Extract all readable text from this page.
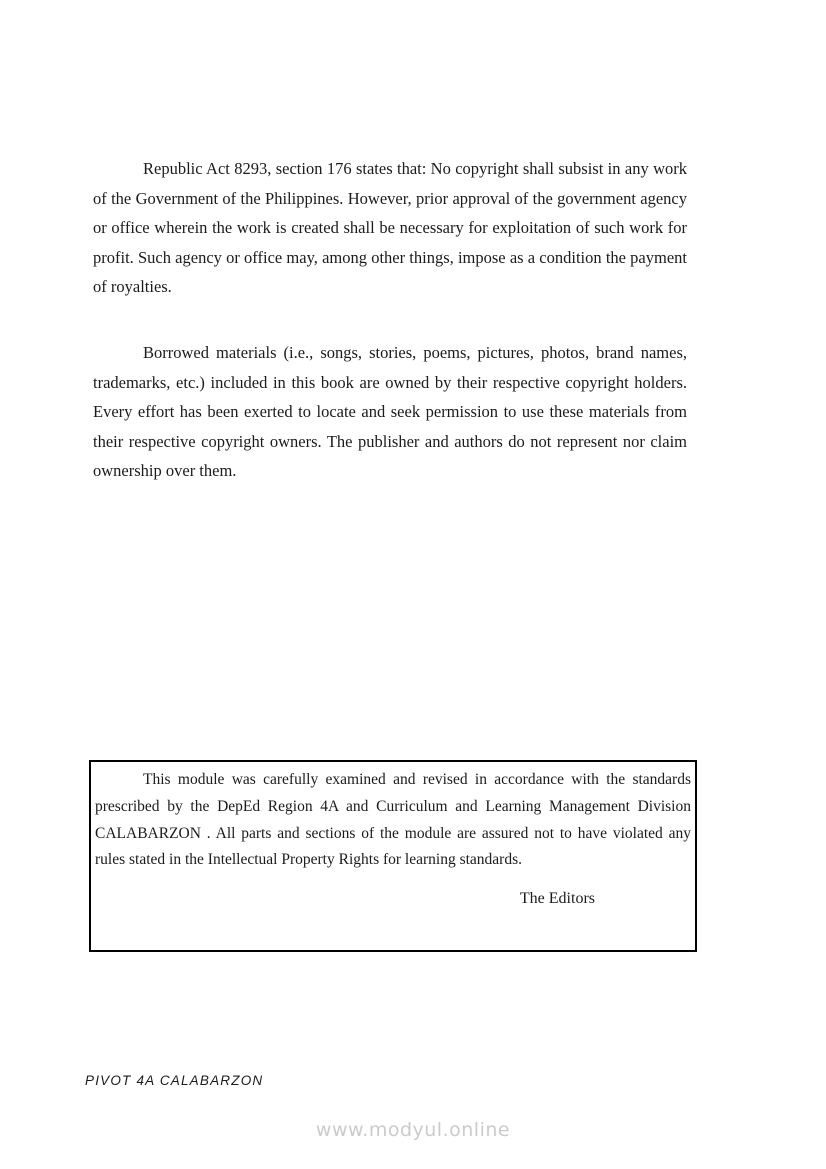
Republic Act 8293, section 176 states that: No copyright shall subsist in any work of the Government of the Philippines. However, prior approval of the government agency or office wherein the work is created shall be necessary for exploitation of such work for profit. Such agency or office may, among other things, impose as a condition the payment of royalties.

Borrowed materials (i.e., songs, stories, poems, pictures, photos, brand names, trademarks, etc.) included in this book are owned by their respective copyright holders. Every effort has been exerted to locate and seek permission to use these materials from their respective copyright owners. The publisher and authors do not represent nor claim ownership over them.

This module was carefully examined and revised in accordance with the standards prescribed by the DepEd Region 4A and Curriculum and Learning Management Division CALABARZON . All parts and sections of the module are assured not to have violated any rules stated in the Intellectual Property Rights for learning standards.

The Editors

PIVOT 4A CALABARZON
www.modyul.online
